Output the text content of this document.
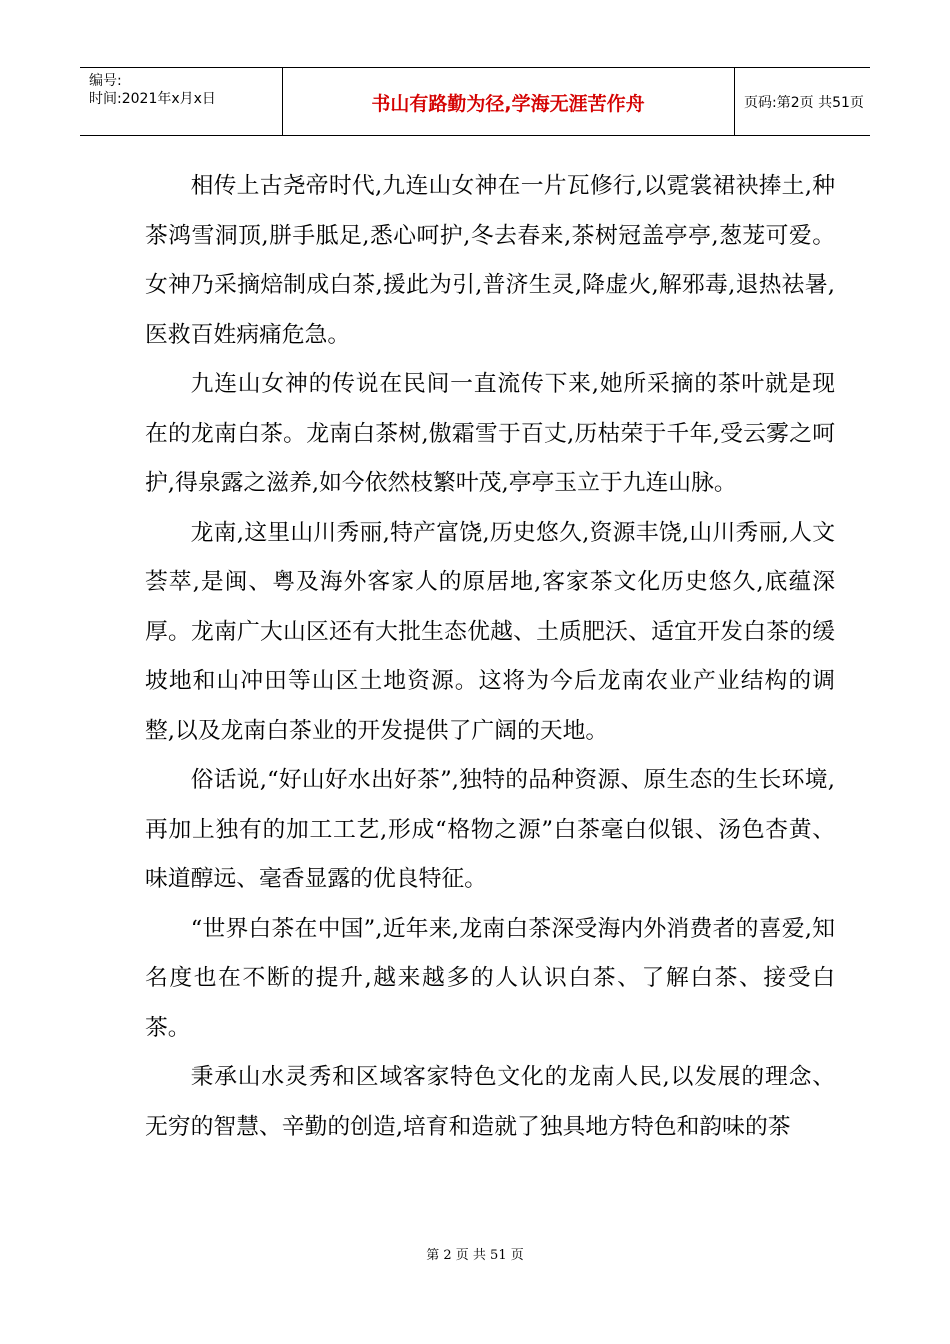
编号:
时间:2021年x月x日	书山有路勤为径,学海无涯苦作舟	页码:第2页 共51页

相传上古尧帝时代,九连山女神在一片瓦修行,以霓裳裙袂捧土,种茶鸿雪洞顶,胼手胝足,悉心呵护,冬去春来,茶树冠盖亭亭,葱茏可爱。女神乃采摘焙制成白茶,援此为引,普济生灵,降虚火,解邪毒,退热祛暑,医救百姓病痛危急。

九连山女神的传说在民间一直流传下来,她所采摘的茶叶就是现在的龙南白茶。龙南白茶树,傲霜雪于百丈,历枯荣于千年,受云雾之呵护,得泉露之滋养,如今依然枝繁叶茂,亭亭玉立于九连山脉。

龙南,这里山川秀丽,特产富饶,历史悠久,资源丰饶,山川秀丽,人文荟萃,是闽、粤及海外客家人的原居地,客家茶文化历史悠久,底蕴深厚。龙南广大山区还有大批生态优越、土质肥沃、适宜开发白茶的缓坡地和山冲田等山区土地资源。这将为今后龙南农业产业结构的调整,以及龙南白茶业的开发提供了广阔的天地。

俗话说,“好山好水出好茶”,独特的品种资源、原生态的生长环境,再加上独有的加工工艺,形成“格物之源”白茶毫白似银、汤色杏黄、味道醇远、毫香显露的优良特征。

“世界白茶在中国”,近年来,龙南白茶深受海内外消费者的喜爱,知名度也在不断的提升,越来越多的人认识白茶、了解白茶、接受白茶。

秉承山水灵秀和区域客家特色文化的龙南人民,以发展的理念、无穷的智慧、辛勤的创造,培育和造就了独具地方特色和韵味的茶

第 2 页 共 51 页
